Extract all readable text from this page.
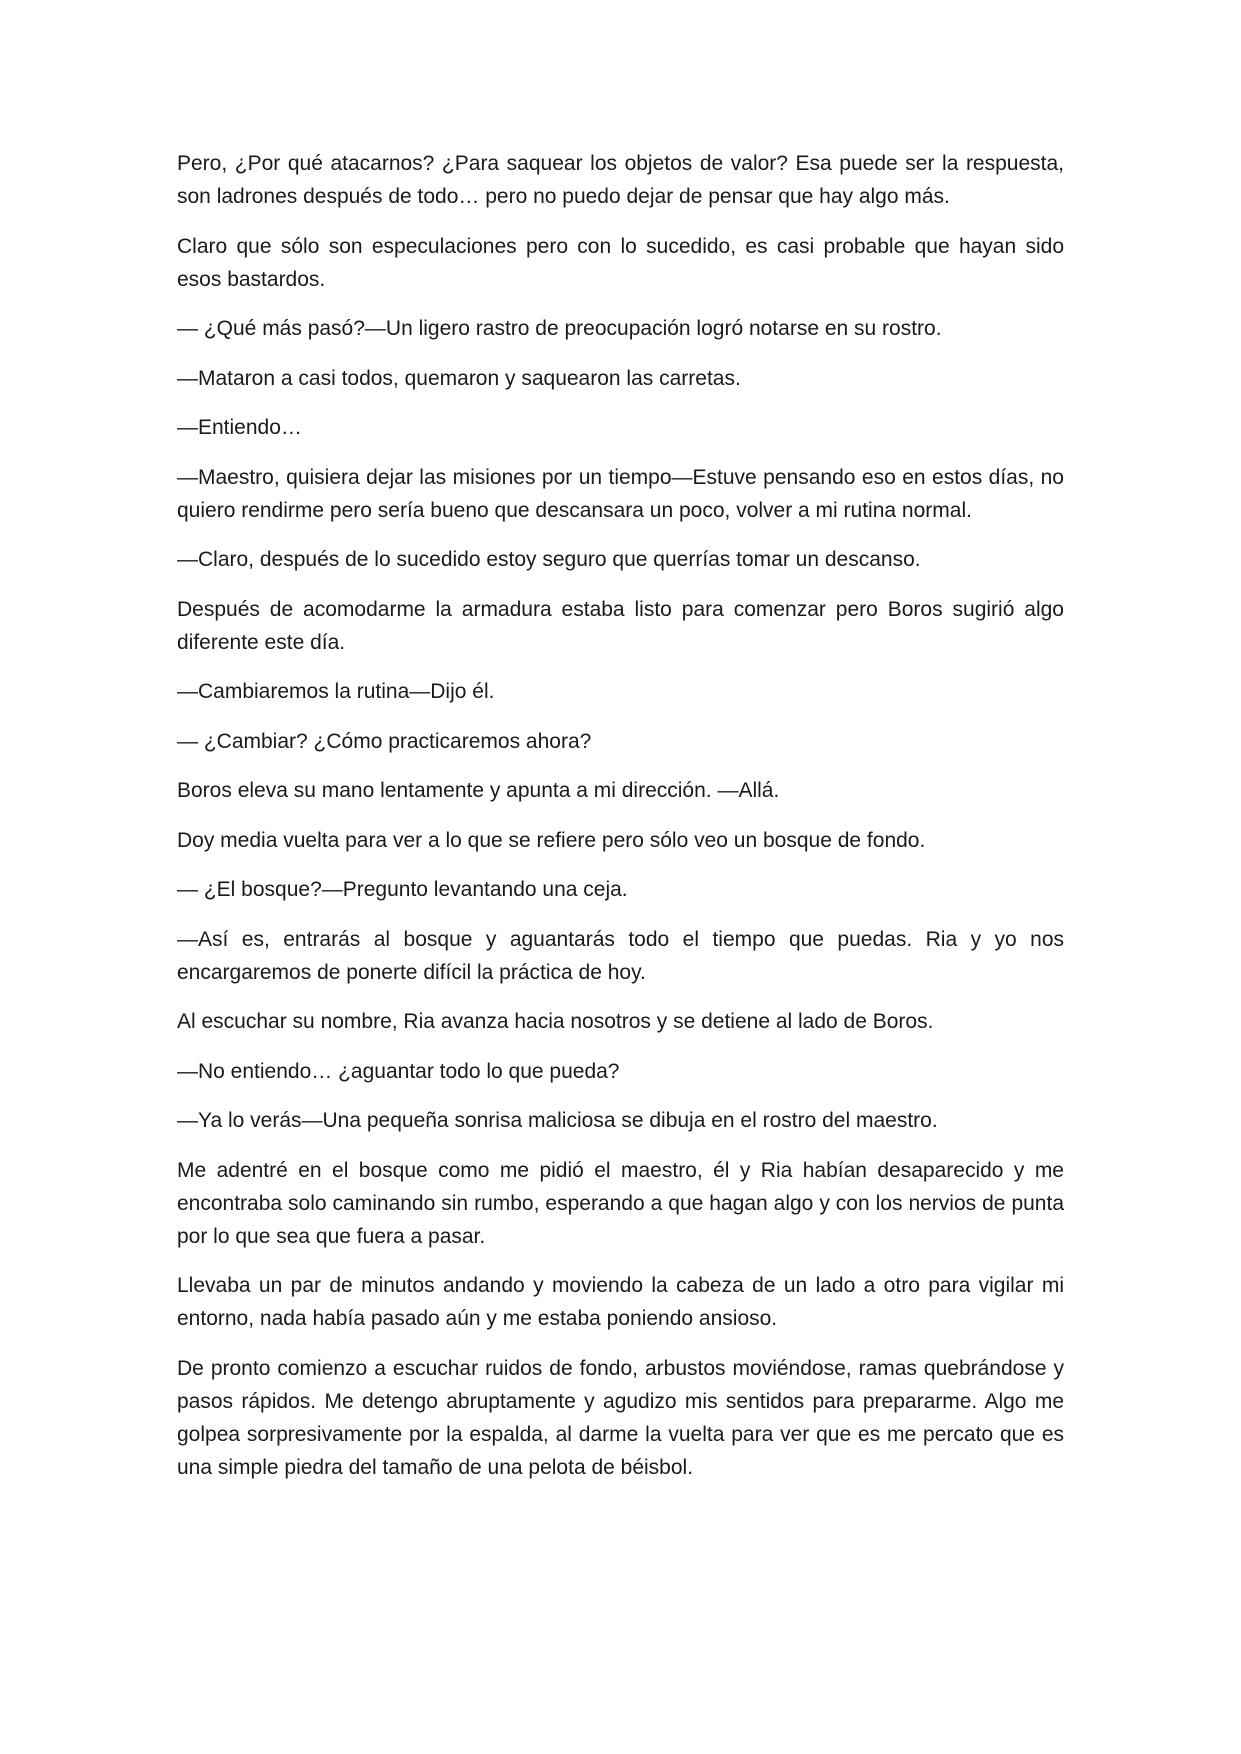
Pero, ¿Por qué atacarnos? ¿Para saquear los objetos de valor? Esa puede ser la respuesta, son ladrones después de todo… pero no puedo dejar de pensar que hay algo más.

Claro que sólo son especulaciones pero con lo sucedido, es casi probable que hayan sido esos bastardos.

— ¿Qué más pasó?—Un ligero rastro de preocupación logró notarse en su rostro.

—Mataron a casi todos, quemaron y saquearon las carretas.

—Entiendo…

—Maestro, quisiera dejar las misiones por un tiempo—Estuve pensando eso en estos días, no quiero rendirme pero sería bueno que descansara un poco, volver a mi rutina normal.

—Claro, después de lo sucedido estoy seguro que querrías tomar un descanso.

Después de acomodarme la armadura estaba listo para comenzar pero Boros sugirió algo diferente este día.

—Cambiaremos la rutina—Dijo él.

— ¿Cambiar? ¿Cómo practicaremos ahora?

Boros eleva su mano lentamente y apunta a mi dirección. —Allá.

Doy media vuelta para ver a lo que se refiere pero sólo veo un bosque de fondo.

— ¿El bosque?—Pregunto levantando una ceja.

—Así es, entrarás al bosque y aguantarás todo el tiempo que puedas. Ria y yo nos encargaremos de ponerte difícil la práctica de hoy.

Al escuchar su nombre, Ria avanza hacia nosotros y se detiene al lado de Boros.

—No entiendo… ¿aguantar todo lo que pueda?

—Ya lo verás—Una pequeña sonrisa maliciosa se dibuja en el rostro del maestro.

Me adentré en el bosque como me pidió el maestro, él y Ria habían desaparecido y me encontraba solo caminando sin rumbo, esperando a que hagan algo y con los nervios de punta por lo que sea que fuera a pasar.

Llevaba un par de minutos andando y moviendo la cabeza de un lado a otro para vigilar mi entorno, nada había pasado aún y me estaba poniendo ansioso.

De pronto comienzo a escuchar ruidos de fondo, arbustos moviéndose, ramas quebrándose y pasos rápidos. Me detengo abruptamente y agudizo mis sentidos para prepararme. Algo me golpea sorpresivamente por la espalda, al darme la vuelta para ver que es me percato que es una simple piedra del tamaño de una pelota de béisbol.
